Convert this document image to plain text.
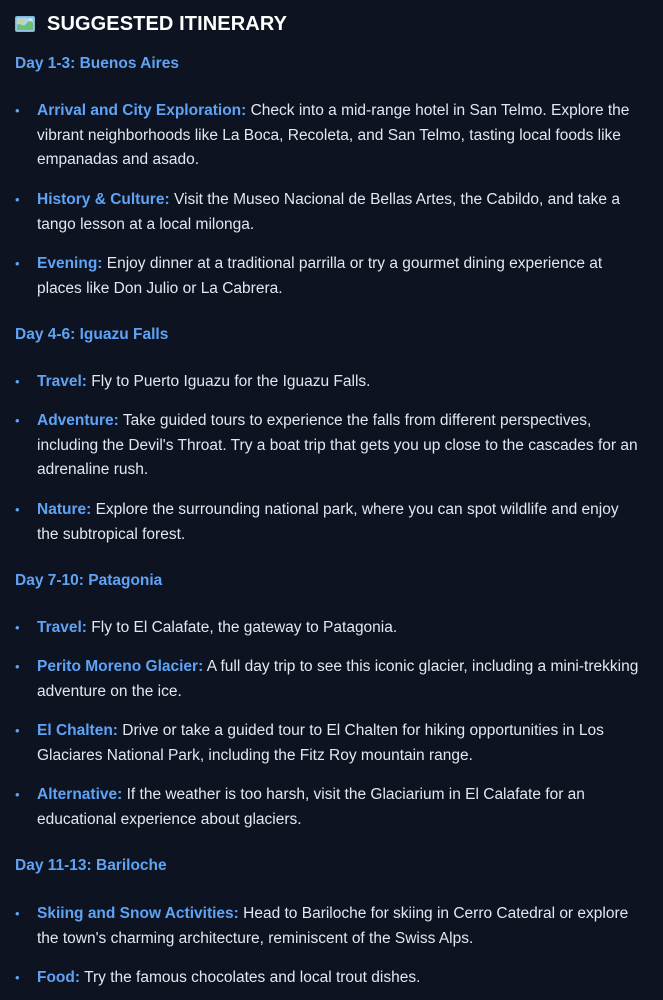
SUGGESTED ITINERARY
Day 1-3: Buenos Aires
•	Arrival and City Exploration: Check into a mid-range hotel in San Telmo. Explore the vibrant neighborhoods like La Boca, Recoleta, and San Telmo, tasting local foods like empanadas and asado.
•	History & Culture: Visit the Museo Nacional de Bellas Artes, the Cabildo, and take a tango lesson at a local milonga.
•	Evening: Enjoy dinner at a traditional parrilla or try a gourmet dining experience at places like Don Julio or La Cabrera.
Day 4-6: Iguazu Falls
•	Travel: Fly to Puerto Iguazu for the Iguazu Falls.
•	Adventure: Take guided tours to experience the falls from different perspectives, including the Devil's Throat. Try a boat trip that gets you up close to the cascades for an adrenaline rush.
•	Nature: Explore the surrounding national park, where you can spot wildlife and enjoy the subtropical forest.
Day 7-10: Patagonia
•	Travel: Fly to El Calafate, the gateway to Patagonia.
•	Perito Moreno Glacier: A full day trip to see this iconic glacier, including a mini-trekking adventure on the ice.
•	El Chalten: Drive or take a guided tour to El Chalten for hiking opportunities in Los Glaciares National Park, including the Fitz Roy mountain range.
•	Alternative: If the weather is too harsh, visit the Glaciarium in El Calafate for an educational experience about glaciers.
Day 11-13: Bariloche
•	Skiing and Snow Activities: Head to Bariloche for skiing in Cerro Catedral or explore the town's charming architecture, reminiscent of the Swiss Alps.
•	Food: Try the famous chocolates and local trout dishes.
